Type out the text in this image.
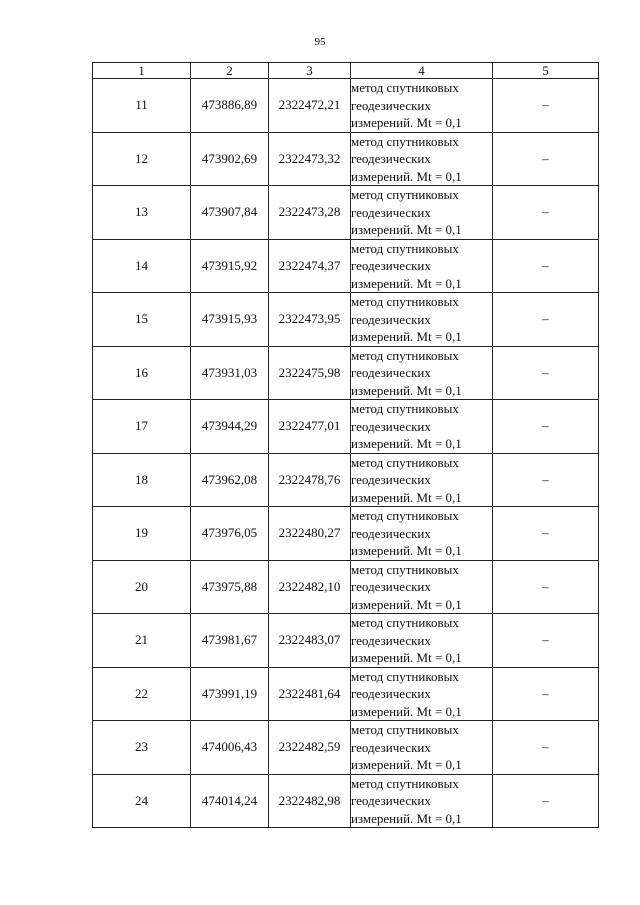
95
1	2	3	4	5
11	473886,89	2322472,21	метод спутниковых
геодезических
измерений. Mt = 0,1	–
12	473902,69	2322473,32	метод спутниковых
геодезических
измерений. Mt = 0,1	–
13	473907,84	2322473,28	метод спутниковых
геодезических
измерений. Mt = 0,1	–
14	473915,92	2322474,37	метод спутниковых
геодезических
измерений. Mt = 0,1	–
15	473915,93	2322473,95	метод спутниковых
геодезических
измерений. Mt = 0,1	–
16	473931,03	2322475,98	метод спутниковых
геодезических
измерений. Mt = 0,1	–
17	473944,29	2322477,01	метод спутниковых
геодезических
измерений. Mt = 0,1	–
18	473962,08	2322478,76	метод спутниковых
геодезических
измерений. Mt = 0,1	–
19	473976,05	2322480,27	метод спутниковых
геодезических
измерений. Mt = 0,1	–
20	473975,88	2322482,10	метод спутниковых
геодезических
измерений. Mt = 0,1	–
21	473981,67	2322483,07	метод спутниковых
геодезических
измерений. Mt = 0,1	–
22	473991,19	2322481,64	метод спутниковых
геодезических
измерений. Mt = 0,1	–
23	474006,43	2322482,59	метод спутниковых
геодезических
измерений. Mt = 0,1	–
24	474014,24	2322482,98	метод спутниковых
геодезических
измерений. Mt = 0,1	–
